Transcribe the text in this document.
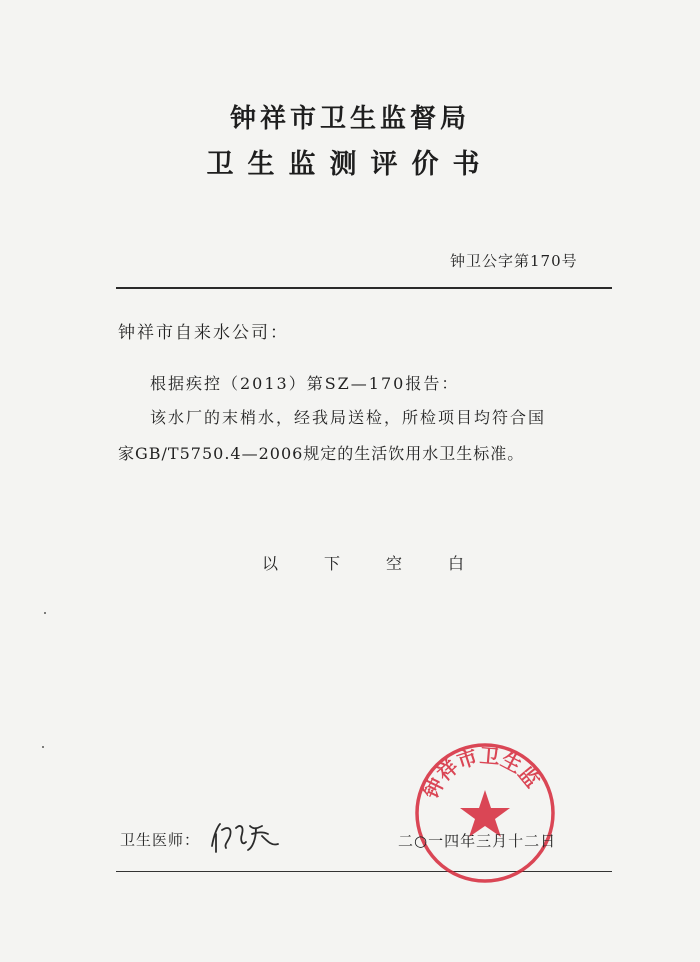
钟祥市卫生监督局
卫生监测评价书
钟卫公字第170号
钟祥市自来水公司：
根据疾控（2013）第SZ—170报告：
该水厂的末梢水，经我局送检，所检项目均符合国
家GB/T5750.4—2006规定的生活饮用水卫生标准。
以	下	空	白
卫生医师：
钟祥市卫生监
二○一四年三月十二日
